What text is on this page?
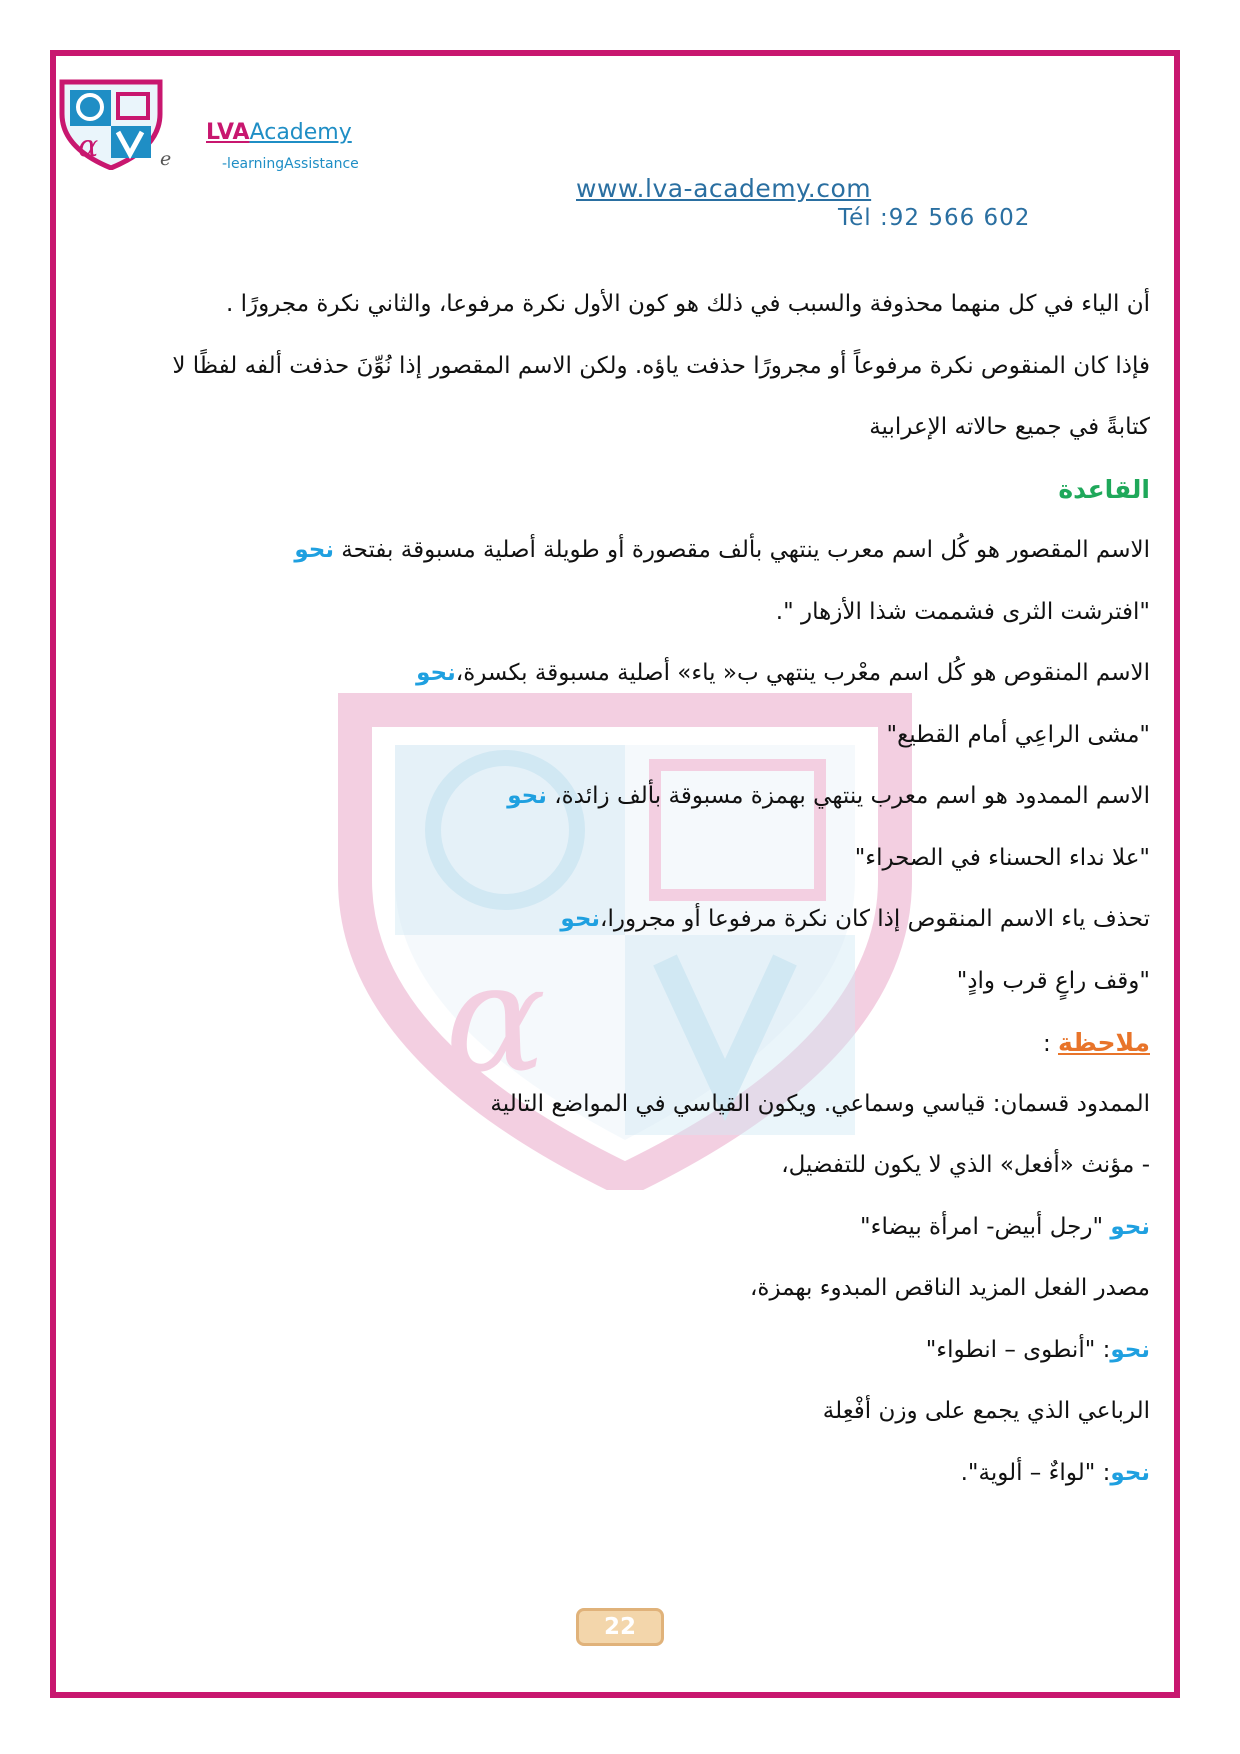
α
α	e
LVAAcademy
-learningAssistance
www.lva-academy.com
Tél :92 566 602
أن الياء في كل منهما محذوفة والسبب في ذلك هو كون الأول نكرة مرفوعا، والثاني نكرة مجرورًا .
فإذا كان المنقوص نكرة مرفوعاً أو مجرورًا حذفت ياؤه. ولكن الاسم المقصور إذا نُوِّنَ حذفت ألفه لفظًا لا
كتابةً في جميع حالاته الإعرابية
القاعدة
الاسم المقصور هو كُل اسم معرب ينتهي بألف مقصورة أو طويلة أصلية مسبوقة بفتحة نحو
"افترشت الثرى فشممت شذا الأزهار ".
الاسم المنقوص هو كُل اسم معْرب ينتهي ب« ياء» أصلية مسبوقة بكسرة،نحو
"مشى الراعِي أمام القطيع"
الاسم الممدود هو اسم معرب ينتهي بهمزة مسبوقة بألف زائدة، نحو
"علا نداء الحسناء في الصحراء"
تحذف ياء الاسم المنقوص إذا كان نكرة مرفوعا أو مجرورا،نحو
"وقف راعٍ قرب وادٍ"
ملاحظة :
الممدود قسمان: قياسي وسماعي. ويكون القياسي في المواضع التالية
- مؤنث «أفعل» الذي لا يكون للتفضيل،
نحو "رجل أبيض- امرأة بيضاء"
مصدر الفعل المزيد الناقص المبدوء بهمزة،
نحو: "أنطوى – انطواء"
الرباعي الذي يجمع على وزن أفْعِلة
نحو: "لواءٌ – ألوية".
22
